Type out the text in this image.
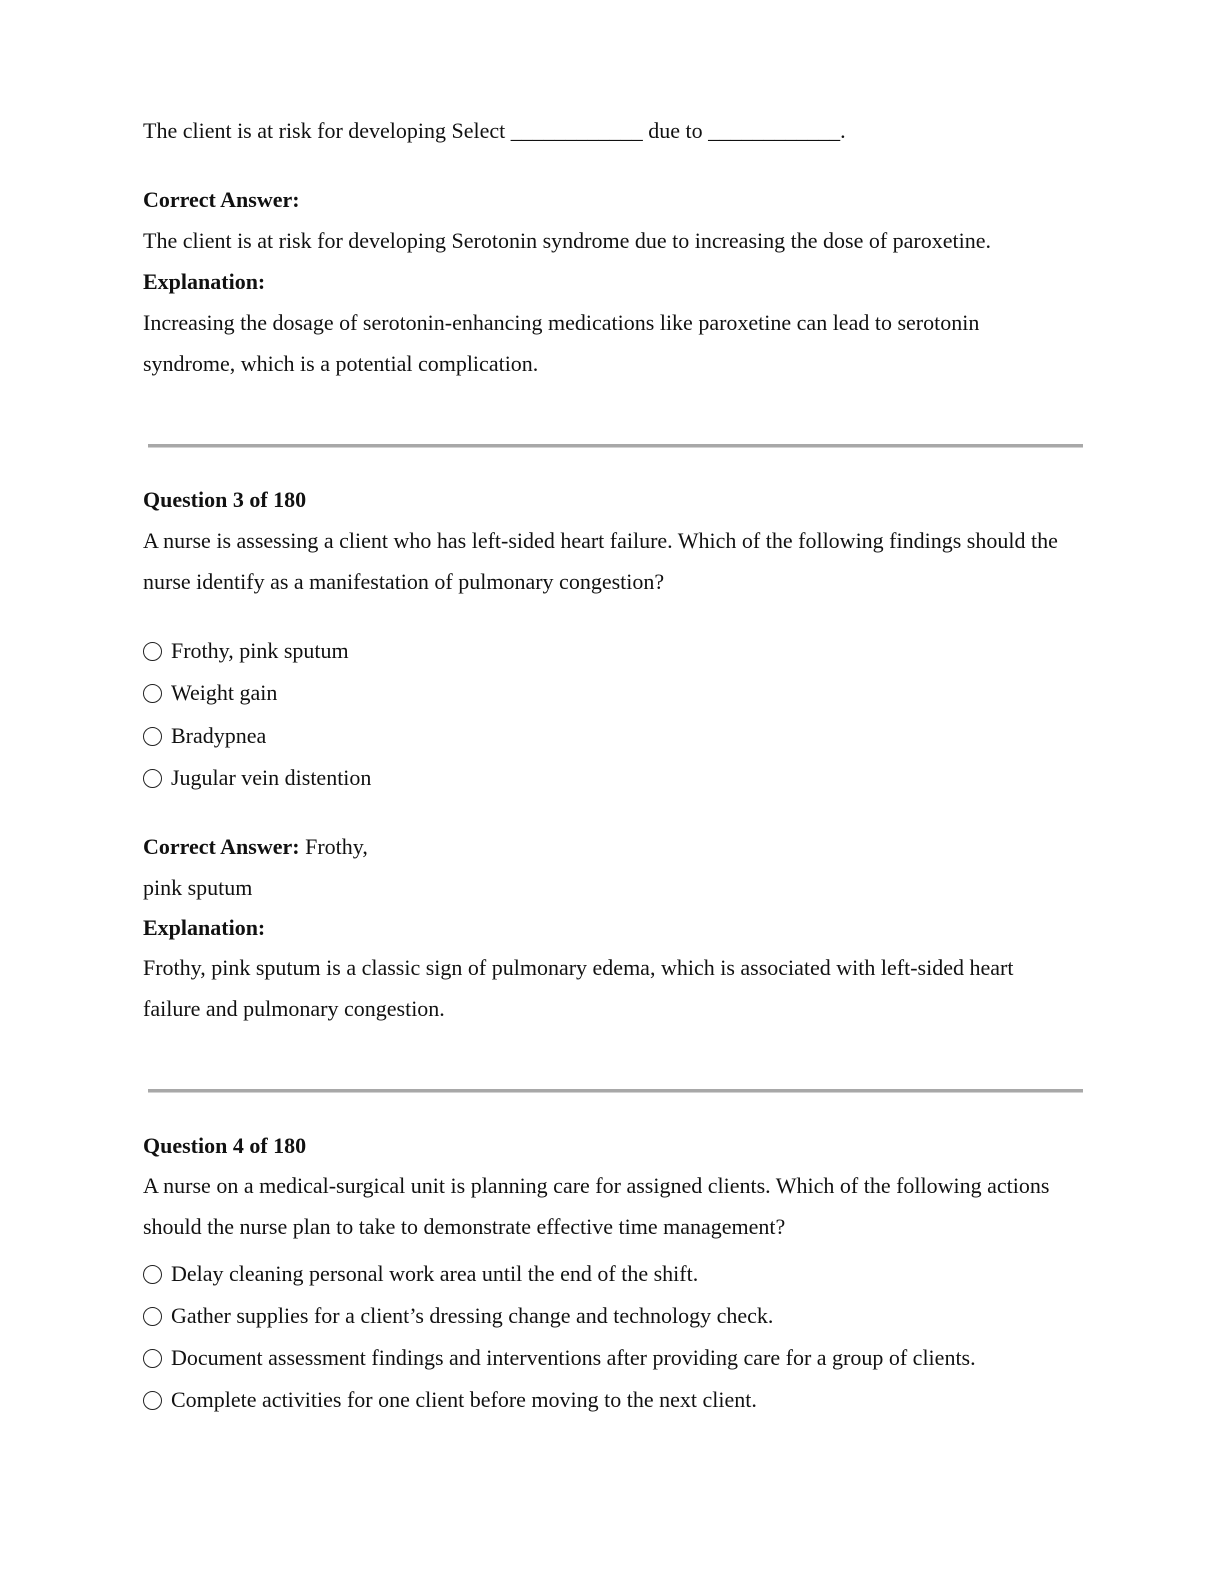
The client is at risk for developing Select ____________ due to ____________.
Correct Answer:
The client is at risk for developing Serotonin syndrome due to increasing the dose of paroxetine.
Explanation:
Increasing the dosage of serotonin-enhancing medications like paroxetine can lead to serotonin syndrome, which is a potential complication.
Question 3 of 180
A nurse is assessing a client who has left-sided heart failure. Which of the following findings should the nurse identify as a manifestation of pulmonary congestion?
Frothy, pink sputum
Weight gain
Bradypnea
Jugular vein distention
Correct Answer: Frothy,
pink sputum
Explanation:
Frothy, pink sputum is a classic sign of pulmonary edema, which is associated with left-sided heart failure and pulmonary congestion.
Question 4 of 180
A nurse on a medical-surgical unit is planning care for assigned clients. Which of the following actions should the nurse plan to take to demonstrate effective time management?
Delay cleaning personal work area until the end of the shift.
Gather supplies for a client’s dressing change and technology check.
Document assessment findings and interventions after providing care for a group of clients.
Complete activities for one client before moving to the next client.
